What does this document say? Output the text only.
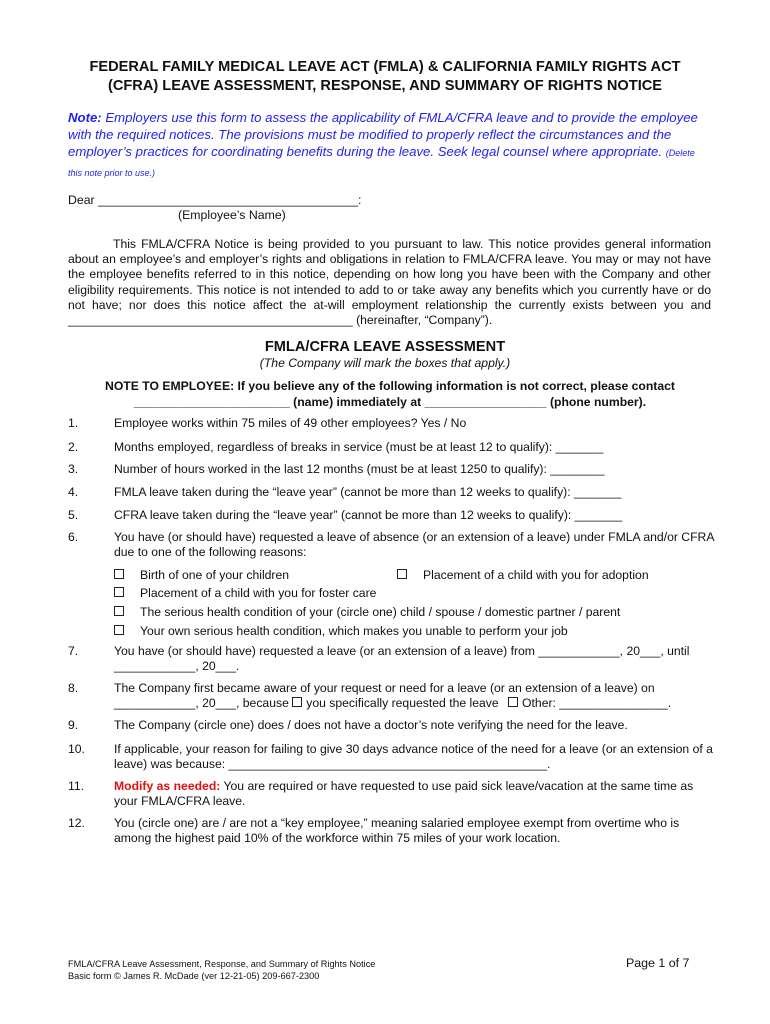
FEDERAL FAMILY MEDICAL LEAVE ACT (FMLA) & CALIFORNIA FAMILY RIGHTS ACT
(CFRA) LEAVE ASSESSMENT, RESPONSE, AND SUMMARY OF RIGHTS NOTICE
Note: Employers use this form to assess the applicability of FMLA/CFRA leave and to provide the employee with the required notices. The provisions must be modified to properly reflect the circumstances and the employer’s practices for coordinating benefits during the leave. Seek legal counsel where appropriate. (Delete this note prior to use.)
Dear ______________________________________:
(Employee’s Name)
This FMLA/CFRA Notice is being provided to you pursuant to law. This notice provides general information about an employee’s and employer’s rights and obligations in relation to FMLA/CFRA leave. You may or may not have the employee benefits referred to in this notice, depending on how long you have been with the Company and other eligibility requirements. This notice is not intended to add to or take away any benefits which you currently have or do not have; nor does this notice affect the at-will employment relationship the currently exists between you and __________________________________________ (hereinafter, “Company”).
FMLA/CFRA LEAVE ASSESSMENT
(The Company will mark the boxes that apply.)
NOTE TO EMPLOYEE: If you believe any of the following information is not correct, please contact
_______________________ (name) immediately at __________________ (phone number).
1.	Employee works within 75 miles of 49 other employees? Yes / No
2.	Months employed, regardless of breaks in service (must be at least 12 to qualify): _______
3.	Number of hours worked in the last 12 months (must be at least 1250 to qualify): ________
4.	FMLA leave taken during the “leave year” (cannot be more than 12 weeks to qualify): _______
5.	CFRA leave taken during the “leave year” (cannot be more than 12 weeks to qualify): _______
6.	You have (or should have) requested a leave of absence (or an extension of a leave) under FMLA and/or CFRA due to one of the following reasons:
Birth of one of your children	Placement of a child with you for adoption
Placement of a child with you for foster care
The serious health condition of your (circle one) child / spouse / domestic partner / parent
Your own serious health condition, which makes you unable to perform your job
7.	You have (or should have) requested a leave (or an extension of a leave) from ____________, 20___, until ____________, 20___.
8.	The Company first became aware of your request or need for a leave (or an extension of a leave) on ____________, 20___, because you specifically requested the leave Other: ________________.
9.	The Company (circle one) does / does not have a doctor’s note verifying the need for the leave.
10. If applicable, your reason for failing to give 30 days advance notice of the need for a leave (or an extension of a leave) was because: _______________________________________________.
11. Modify as needed: You are required or have requested to use paid sick leave/vacation at the same time as your FMLA/CFRA leave.
12. You (circle one) are / are not a “key employee,” meaning salaried employee exempt from overtime who is among the highest paid 10% of the workforce within 75 miles of your work location.
FMLA/CFRA Leave Assessment, Response, and Summary of Rights Notice
Basic form © James R. McDade (ver 12-21-05) 209-667-2300
Page 1 of 7
